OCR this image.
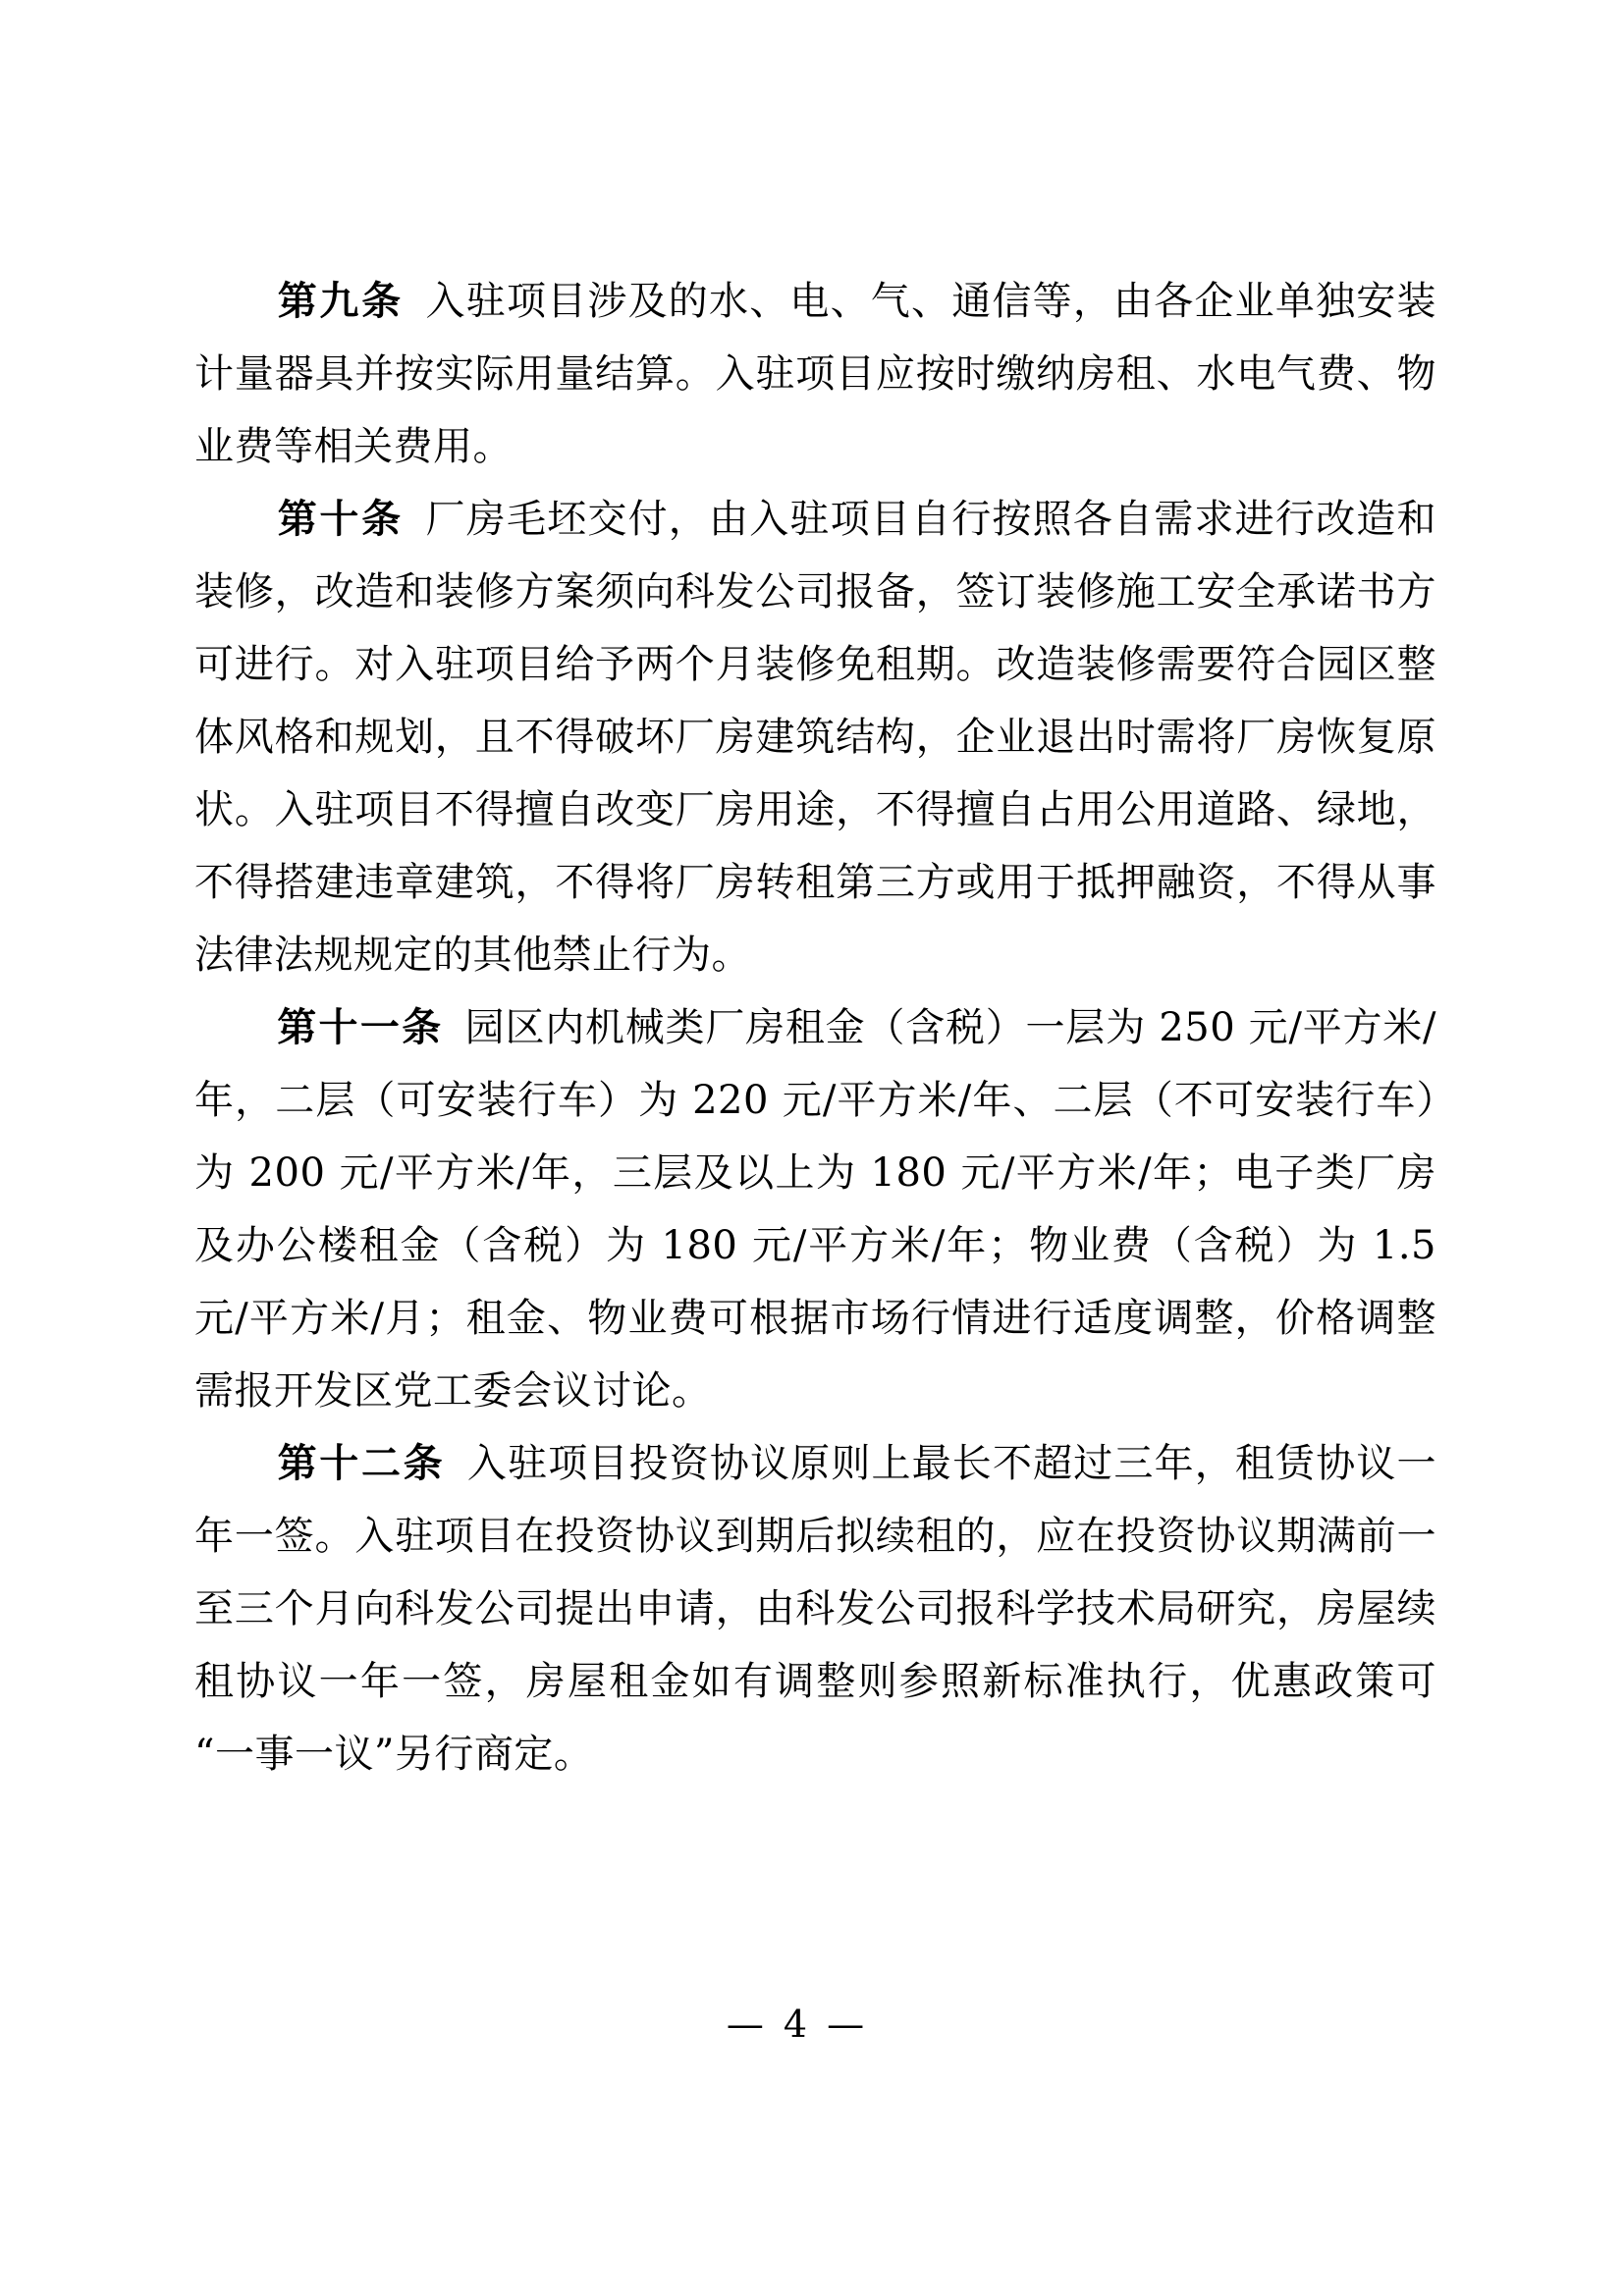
第九条 入驻项目涉及的水、电、气、通信等，由各企业单独安装计量器具并按实际用量结算。入驻项目应按时缴纳房租、水电气费、物业费等相关费用。

第十条 厂房毛坯交付，由入驻项目自行按照各自需求进行改造和装修，改造和装修方案须向科发公司报备，签订装修施工安全承诺书方可进行。对入驻项目给予两个月装修免租期。改造装修需要符合园区整体风格和规划，且不得破坏厂房建筑结构，企业退出时需将厂房恢复原状。入驻项目不得擅自改变厂房用途，不得擅自占用公用道路、绿地，不得搭建违章建筑，不得将厂房转租第三方或用于抵押融资，不得从事法律法规规定的其他禁止行为。

第十一条 园区内机械类厂房租金（含税）一层为 250 元/平方米/年，二层（可安装行车）为 220 元/平方米/年、二层（不可安装行车）为 200 元/平方米/年，三层及以上为 180 元/平方米/年；电子类厂房及办公楼租金（含税）为 180 元/平方米/年；物业费（含税）为 1.5 元/平方米/月；租金、物业费可根据市场行情进行适度调整，价格调整需报开发区党工委会议讨论。

第十二条 入驻项目投资协议原则上最长不超过三年，租赁协议一年一签。入驻项目在投资协议到期后拟续租的，应在投资协议期满前一至三个月向科发公司提出申请，由科发公司报科学技术局研究，房屋续租协议一年一签，房屋租金如有调整则参照新标准执行，优惠政策可“一事一议”另行商定。

— 4 —
